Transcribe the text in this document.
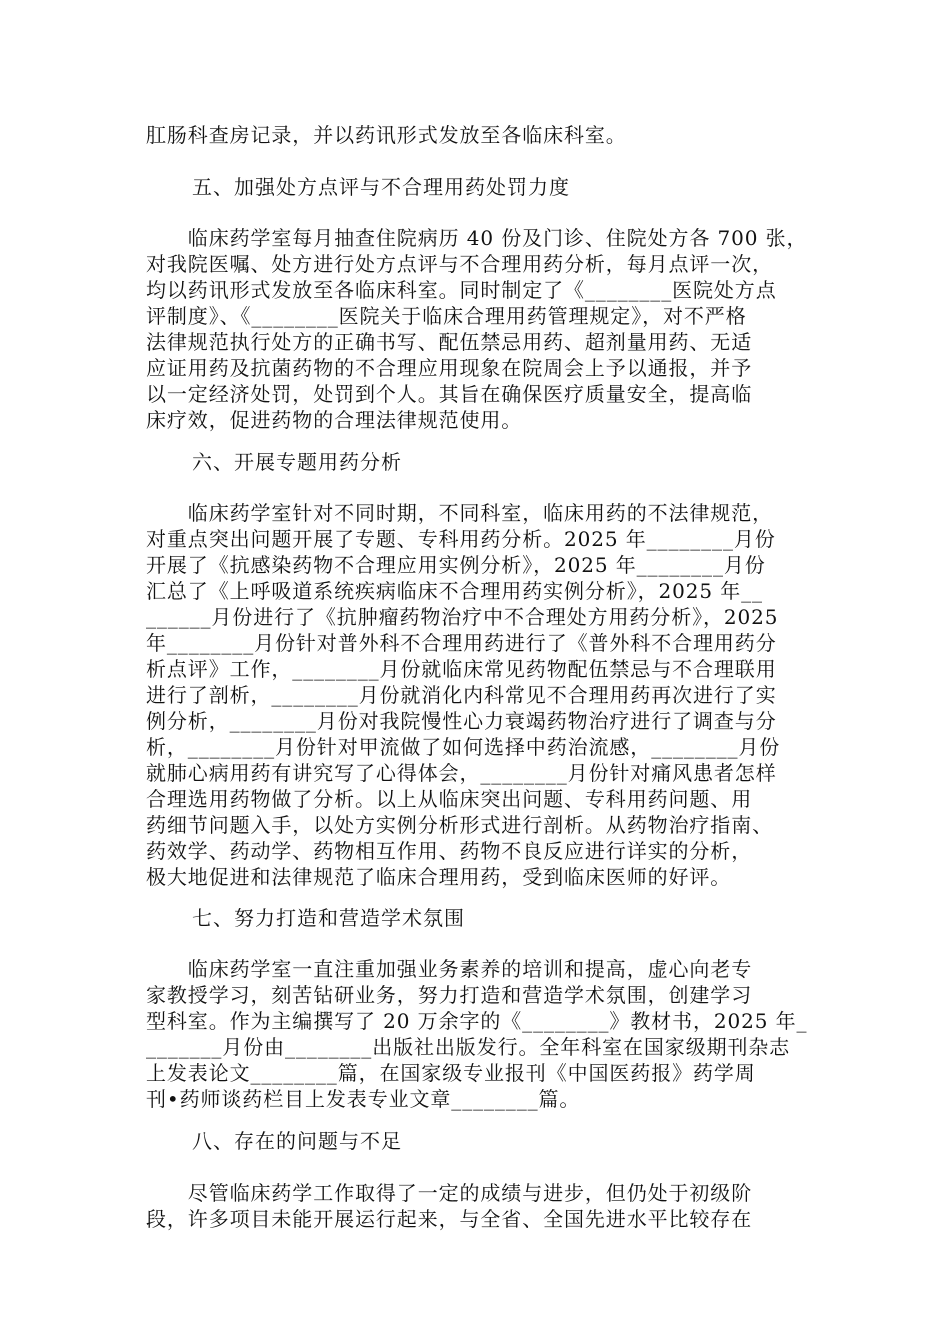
肛肠科查房记录，并以药讯形式发放至各临床科室。

五、加强处方点评与不合理用药处罚力度

　　临床药学室每月抽查住院病历 40 份及门诊、住院处方各 700 张，
对我院医嘱、处方进行处方点评与不合理用药分析，每月点评一次，
均以药讯形式发放至各临床科室。同时制定了《________医院处方点
评制度》、《________医院关于临床合理用药管理规定》，对不严格
法律规范执行处方的正确书写、配伍禁忌用药、超剂量用药、无适
应证用药及抗菌药物的不合理应用现象在院周会上予以通报，并予
以一定经济处罚，处罚到个人。其旨在确保医疗质量安全，提高临
床疗效，促进药物的合理法律规范使用。

六、开展专题用药分析

　　临床药学室针对不同时期，不同科室，临床用药的不法律规范，
对重点突出问题开展了专题、专科用药分析。2025 年________月份
开展了《抗感染药物不合理应用实例分析》，2025 年________月份
汇总了《上呼吸道系统疾病临床不合理用药实例分析》，2025 年__
______月份进行了《抗肿瘤药物治疗中不合理处方用药分析》，2025
年________月份针对普外科不合理用药进行了《普外科不合理用药分
析点评》工作，________月份就临床常见药物配伍禁忌与不合理联用
进行了剖析，________月份就消化内科常见不合理用药再次进行了实
例分析，________月份对我院慢性心力衰竭药物治疗进行了调查与分
析，________月份针对甲流做了如何选择中药治流感，________月份
就肺心病用药有讲究写了心得体会，________月份针对痛风患者怎样
合理选用药物做了分析。以上从临床突出问题、专科用药问题、用
药细节问题入手，以处方实例分析形式进行剖析。从药物治疗指南、
药效学、药动学、药物相互作用、药物不良反应进行详实的分析，
极大地促进和法律规范了临床合理用药，受到临床医师的好评。

七、努力打造和营造学术氛围

　　临床药学室一直注重加强业务素养的培训和提高，虚心向老专
家教授学习，刻苦钻研业务，努力打造和营造学术氛围，创建学习
型科室。作为主编撰写了 20 万余字的《________》教材书，2025 年_
_______月份由________出版社出版发行。全年科室在国家级期刊杂志
上发表论文________篇，在国家级专业报刊《中国医药报》药学周
刊•药师谈药栏目上发表专业文章________篇。

八、存在的问题与不足

　　尽管临床药学工作取得了一定的成绩与进步，但仍处于初级阶
段，许多项目未能开展运行起来，与全省、全国先进水平比较存在
